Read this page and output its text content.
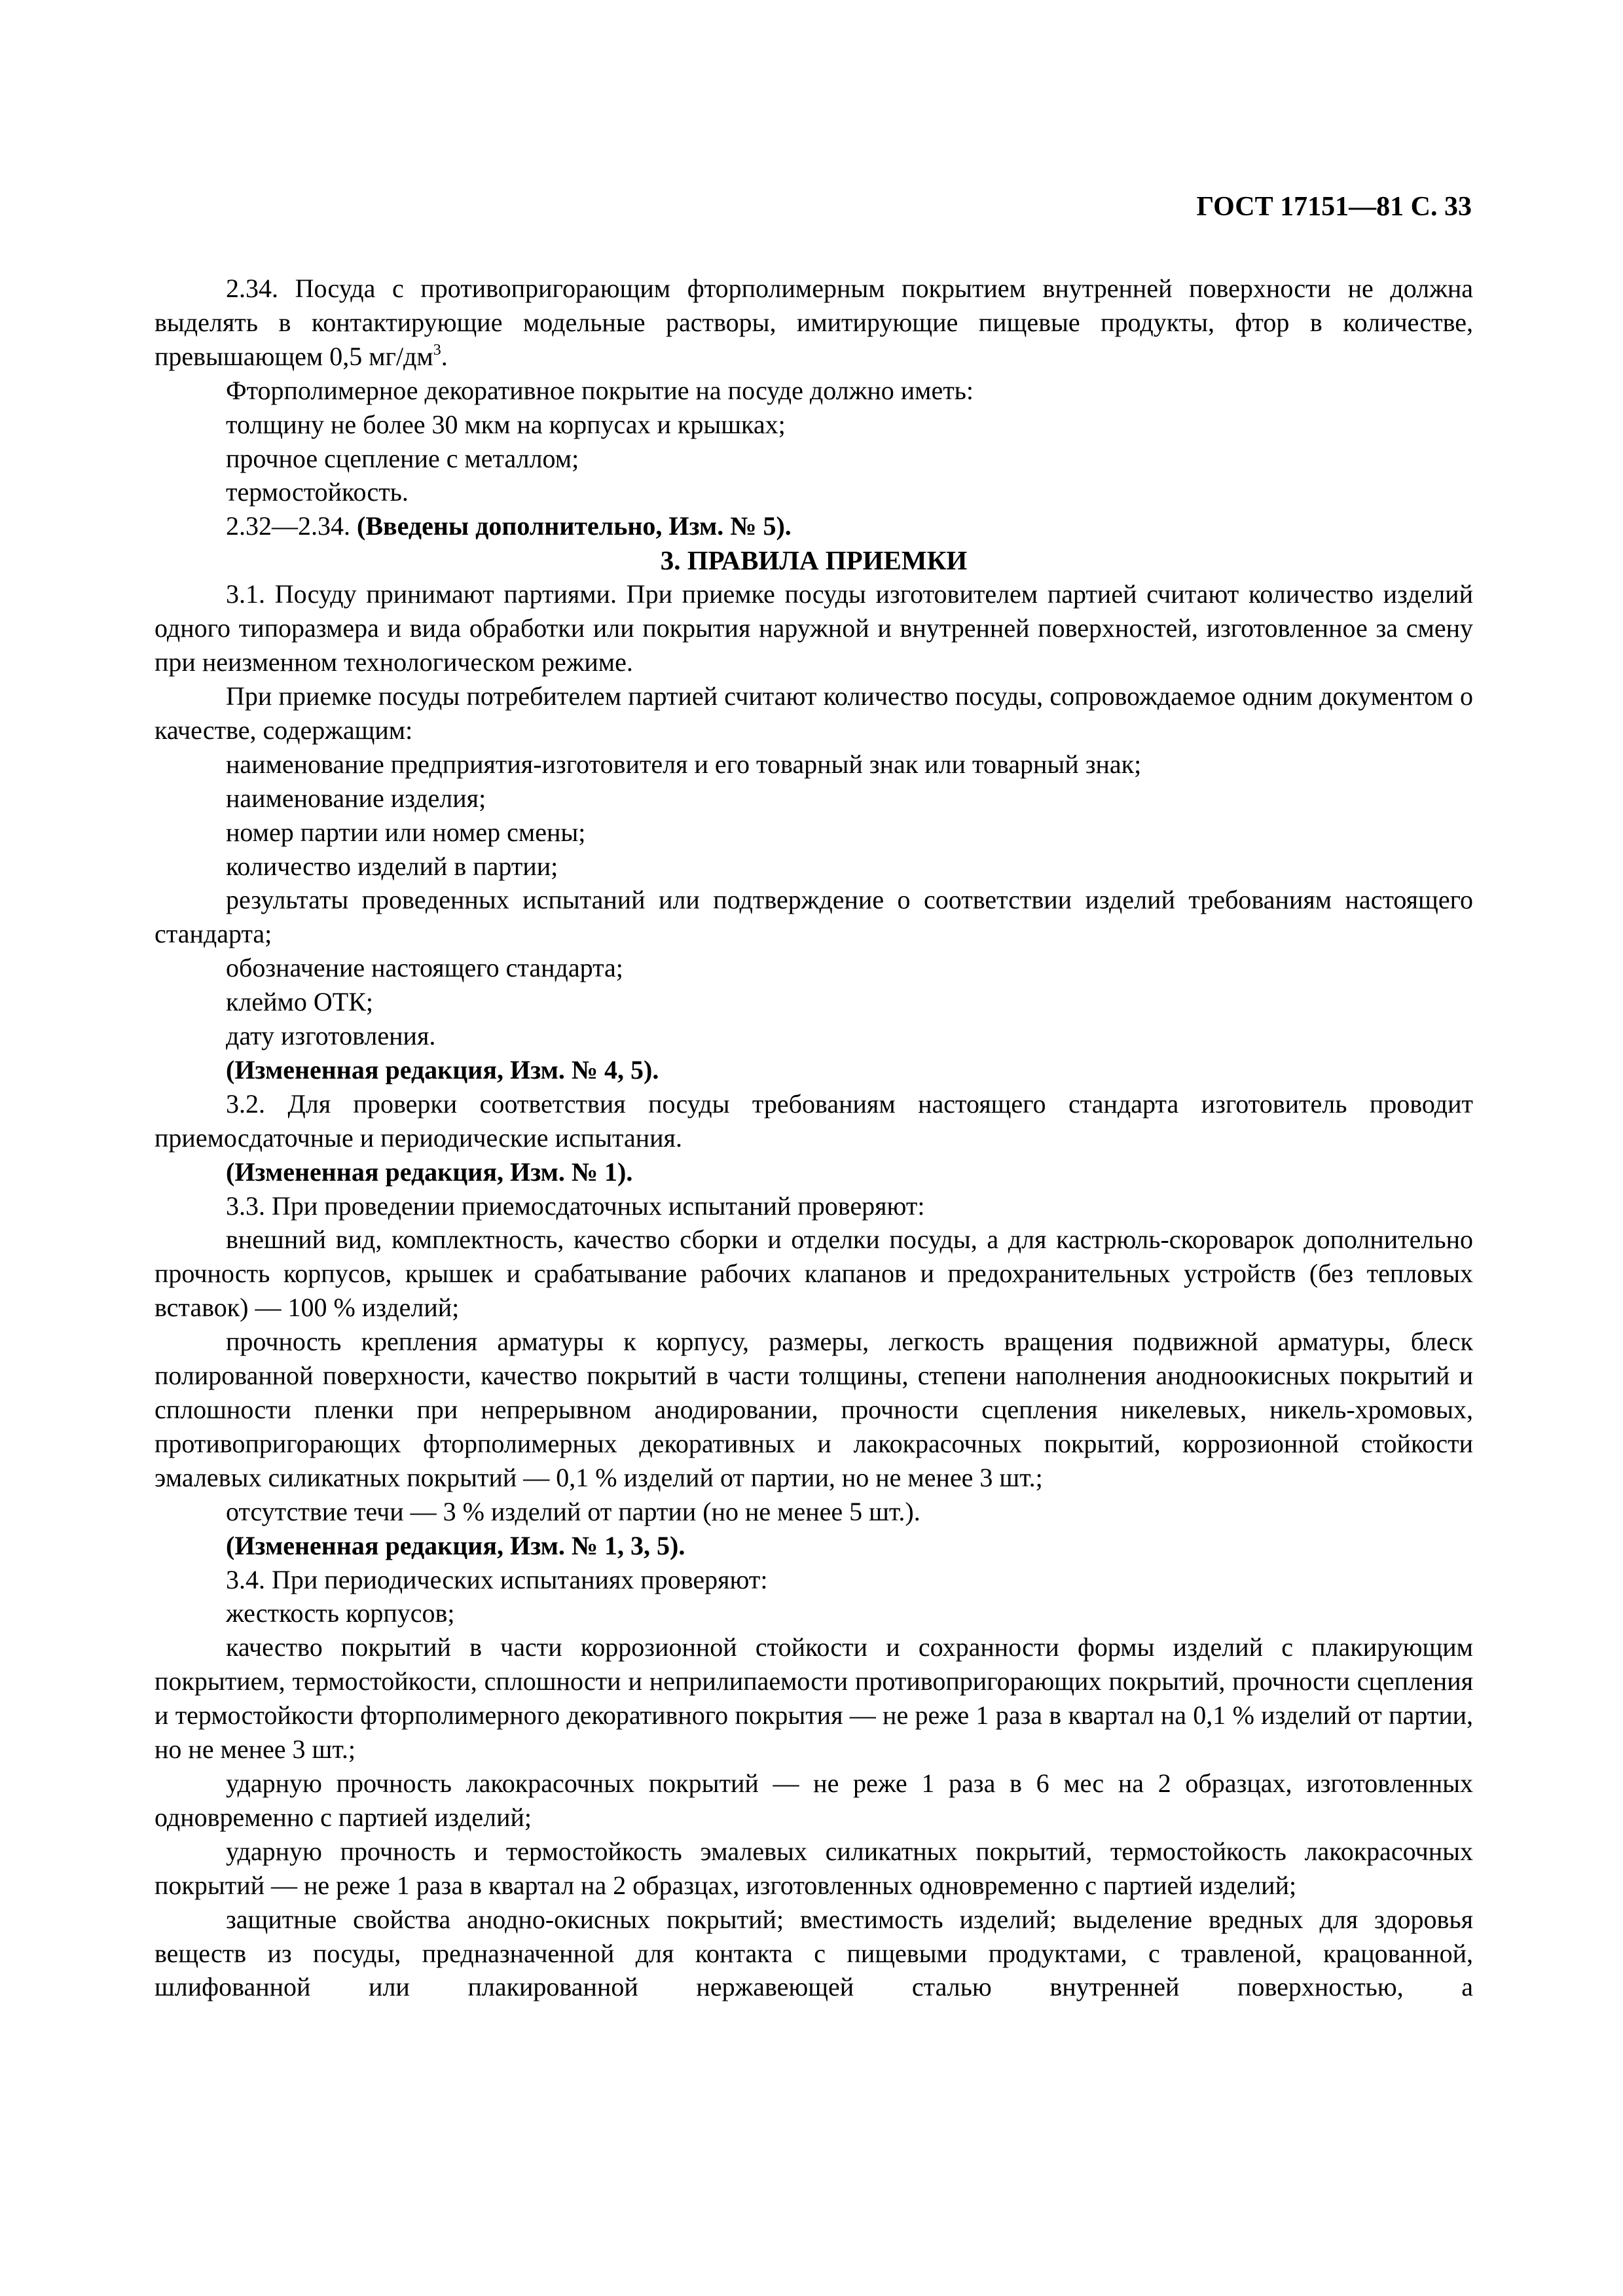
ГОСТ 17151—81 С. 33

2.34. Посуда с противопригорающим фторполимерным покрытием внутренней поверхности не должна выделять в контактирующие модельные растворы, имитирующие пищевые продукты, фтор в количестве, превышающем 0,5 $мг/дм^3$.

Фторполимерное декоративное покрытие на посуде должно иметь:

толщину не более 30 мкм на корпусах и крышках;

прочное сцепление с металлом;

термостойкость.

2.32—2.34. (Введены дополнительно, Изм. № 5).

3. ПРАВИЛА ПРИЕМКИ

3.1. Посуду принимают партиями. При приемке посуды изготовителем партией считают количество изделий одного типоразмера и вида обработки или покрытия наружной и внутренней поверхностей, изготовленное за смену при неизменном технологическом режиме.

При приемке посуды потребителем партией считают количество посуды, сопровождаемое одним документом о качестве, содержащим:

наименование предприятия-изготовителя и его товарный знак или товарный знак;

наименование изделия;

номер партии или номер смены;

количество изделий в партии;

результаты проведенных испытаний или подтверждение о соответствии изделий требованиям настоящего стандарта;

обозначение настоящего стандарта;

клеймо ОТК;

дату изготовления.

(Измененная редакция, Изм. № 4, 5).

3.2. Для проверки соответствия посуды требованиям настоящего стандарта изготовитель проводит приемосдаточные и периодические испытания.

(Измененная редакция, Изм. № 1).

3.3. При проведении приемосдаточных испытаний проверяют:

внешний вид, комплектность, качество сборки и отделки посуды, а для кастрюль-скороварок дополнительно прочность корпусов, крышек и срабатывание рабочих клапанов и предохранительных устройств (без тепловых вставок) — 100 % изделий;

прочность крепления арматуры к корпусу, размеры, легкость вращения подвижной арматуры, блеск полированной поверхности, качество покрытий в части толщины, степени наполнения анодноокисных покрытий и сплошности пленки при непрерывном анодировании, прочности сцепления никелевых, никель-хромовых, противопригорающих фторполимерных декоративных и лакокрасочных покрытий, коррозионной стойкости эмалевых силикатных покрытий — 0,1 % изделий от партии, но не менее 3 шт.;

отсутствие течи — 3 % изделий от партии (но не менее 5 шт.).

(Измененная редакция, Изм. № 1, 3, 5).

3.4. При периодических испытаниях проверяют:

жесткость корпусов;

качество покрытий в части коррозионной стойкости и сохранности формы изделий с плакирующим покрытием, термостойкости, сплошности и неприлипаемости противопригорающих покрытий, прочности сцепления и термостойкости фторполимерного декоративного покрытия — не реже 1 раза в квартал на 0,1 % изделий от партии, но не менее 3 шт.;

ударную прочность лакокрасочных покрытий — не реже 1 раза в 6 мес на 2 образцах, изготовленных одновременно с партией изделий;

ударную прочность и термостойкость эмалевых силикатных покрытий, термостойкость лакокрасочных покрытий — не реже 1 раза в квартал на 2 образцах, изготовленных одновременно с партией изделий;

защитные свойства анодно-окисных покрытий; вместимость изделий; выделение вредных для здоровья веществ из посуды, предназначенной для контакта с пищевыми продуктами, с травленой, крацованной, шлифованной или плакированной нержавеющей сталью внутренней поверхностью, а
